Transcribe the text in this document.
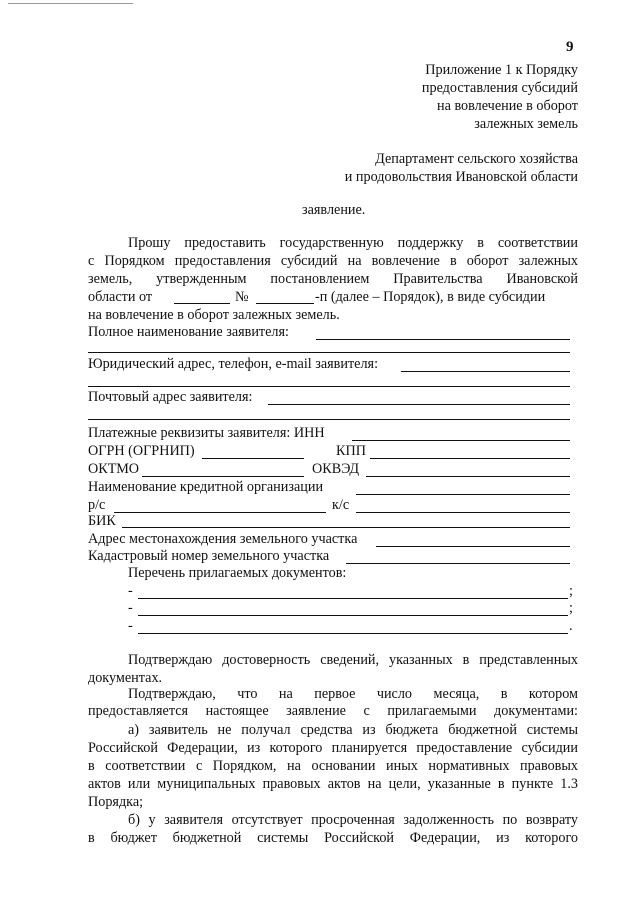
9
Приложение 1 к Порядку
предоставления субсидий
на вовлечение в оборот
залежных земель
Департамент сельского хозяйства
и продовольствия Ивановской области
заявление.
Прошу предоставить государственную поддержку в соответствии
с Порядком предоставления субсидий на вовлечение в оборот залежных
земель, утвержденным постановлением Правительства Ивановской
области от	№	-п (далее – Порядок), в виде субсидии
на вовлечение в оборот залежных земель.
Полное наименование заявителя:
Юридический адрес, телефон, e-mail заявителя:
Почтовый адрес заявителя:
Платежные реквизиты заявителя: ИНН
ОГРН (ОГРНИП)	КПП
ОКТМО	ОКВЭД
Наименование кредитной организации
р/с	к/с
БИК
Адрес местонахождения земельного участка
Кадастровый номер земельного участка
Перечень прилагаемых документов:
-	;
-	;
-	.
Подтверждаю достоверность сведений, указанных в представленных
документах.
Подтверждаю, что на первое число месяца, в котором
предоставляется настоящее заявление с прилагаемыми документами:
а) заявитель не получал средства из бюджета бюджетной системы
Российской Федерации, из которого планируется предоставление субсидии
в соответствии с Порядком, на основании иных нормативных правовых
актов или муниципальных правовых актов на цели, указанные в пункте 1.3
Порядка;
б) у заявителя отсутствует просроченная задолженность по возврату
в бюджет бюджетной системы Российской Федерации, из которого
